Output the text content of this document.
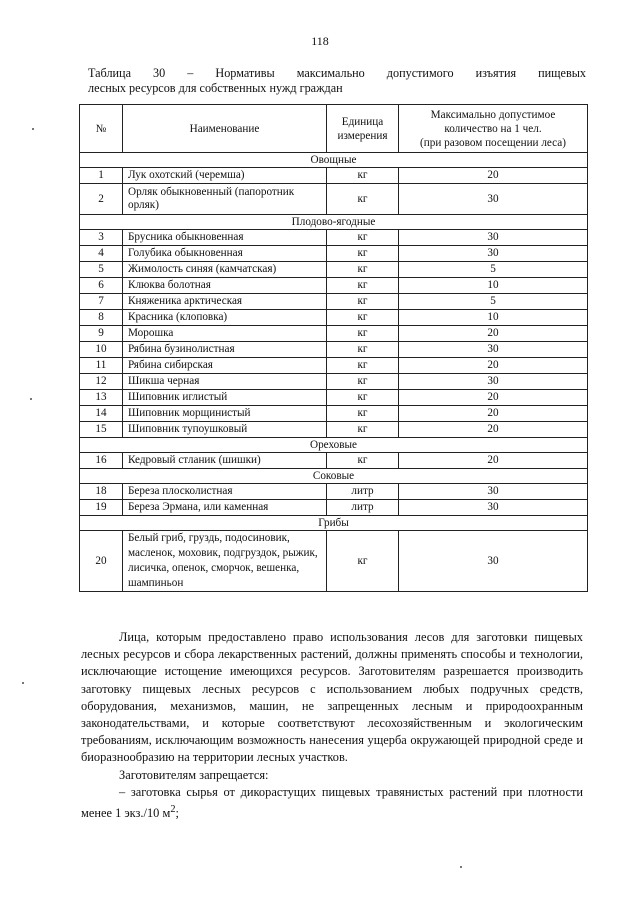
118
Таблица 30 – Нормативы максимально допустимого изъятия пищевых
лесных ресурсов для собственных нужд граждан
№	Наименование	Единица измерения	Максимально допустимое
количество на 1 чел.
(при разовом посещении леса)
Овощные			
1	Лук охотский (черемша)	кг	20
2	Орляк обыкновенный (папоротник орляк)	кг	30
Плодово-ягодные			
3	Брусника обыкновенная	кг	30
4	Голубика обыкновенная	кг	30
5	Жимолость синяя (камчатская)	кг	5
6	Клюква болотная	кг	10
7	Княженика арктическая	кг	5
8	Красника (клоповка)	кг	10
9	Морошка	кг	20
10	Рябина бузинолистная	кг	30
11	Рябина сибирская	кг	20
12	Шикша черная	кг	30
13	Шиповник иглистый	кг	20
14	Шиповник морщинистый	кг	20
15	Шиповник тупоушковый	кг	20
Ореховые			
16	Кедровый стланик (шишки)	кг	20
Соковые			
18	Береза плосколистная	литр	30
19	Береза Эрмана, или каменная	литр	30
Грибы			
20	Белый гриб, груздь, подосиновик, масленок, моховик, подгруздок, рыжик, лисичка, опенок, сморчок, вешенка, шампиньон	кг	30

Лица, которым предоставлено право использования лесов для заготовки пищевых лесных ресурсов и сбора лекарственных растений, должны применять способы и технологии, исключающие истощение имеющихся ресурсов. Заготовителям разрешается производить заготовку пищевых лесных ресурсов с использованием любых подручных средств, оборудования, механизмов, машин, не запрещенных лесным и природоохранным законодательствами, и которые соответствуют лесохозяйственным и экологическим требованиям, исключающим возможность нанесения ущерба окружающей природной среде и биоразнообразию на территории лесных участков.

Заготовителям запрещается:

– заготовка сырья от дикорастущих пищевых травянистых растений при плотности менее 1 экз./10 $м^2$;
